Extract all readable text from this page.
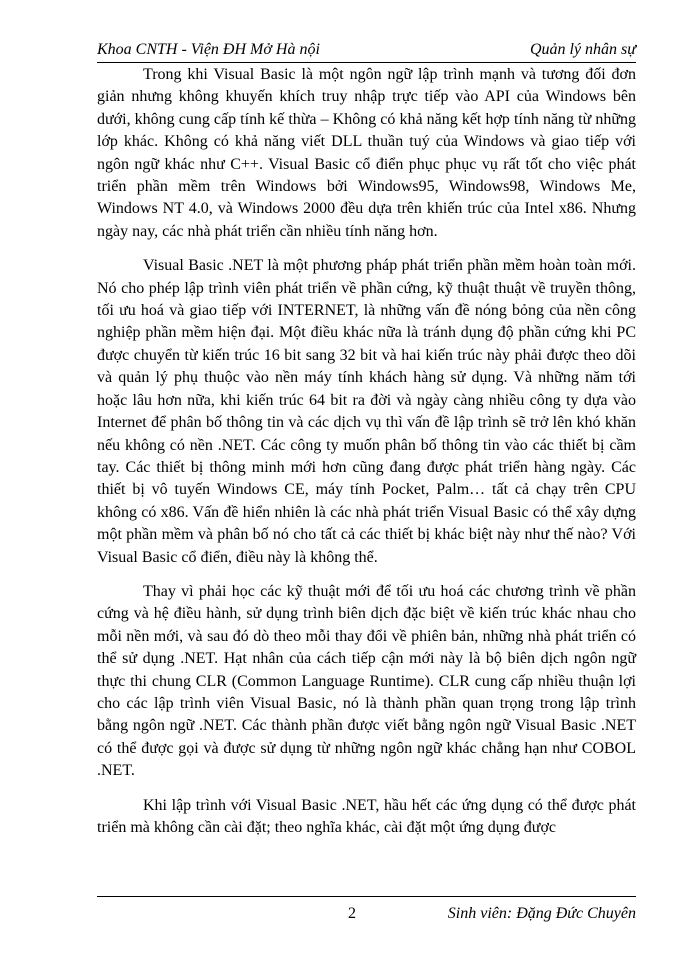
Khoa CNTH - Viện ĐH Mở Hà nội	Quản lý nhân sự

Trong khi Visual Basic là một ngôn ngữ lập trình mạnh và tương đối đơn giản nhưng không khuyến khích truy nhập trực tiếp vào API của Windows bên dưới, không cung cấp tính kế thừa – Không có khả năng kết hợp tính năng từ những lớp khác. Không có khả năng viết DLL thuần tuý của Windows và giao tiếp với ngôn ngữ khác như C++. Visual Basic cổ điển phục phục vụ rất tốt cho việc phát triển phần mềm trên Windows bởi Windows95, Windows98, Windows Me, Windows NT 4.0, và Windows 2000 đều dựa trên khiến trúc của Intel x86. Nhưng ngày nay, các nhà phát triển cần nhiều tính năng hơn.

Visual Basic .NET là một phương pháp phát triển phần mềm hoàn toàn mới. Nó cho phép lập trình viên phát triển về phần cứng, kỹ thuật thuật về truyền thông, tối ưu hoá và giao tiếp với INTERNET, là những vấn đề nóng bỏng của nền công nghiệp phần mềm hiện đại. Một điều khác nữa là tránh dụng độ phần cứng khi PC được chuyển từ kiến trúc 16 bit sang 32 bit và hai kiến trúc này phải được theo dõi và quản lý phụ thuộc vào nền máy tính khách hàng sử dụng. Và những năm tới hoặc lâu hơn nữa, khi kiến trúc 64 bit ra đời và ngày càng nhiều công ty dựa vào Internet để phân bố thông tin và các dịch vụ thì vấn đề lập trình sẽ trở lên khó khăn nếu không có nền .NET. Các công ty muốn phân bố thông tin vào các thiết bị cầm tay. Các thiết bị thông minh mới hơn cũng đang được phát triển hàng ngày. Các thiết bị vô tuyến Windows CE, máy tính Pocket, Palm… tất cả chạy trên CPU không có x86. Vấn đề hiển nhiên là các nhà phát triển Visual Basic có thể xây dựng một phần mềm và phân bố nó cho tất cả các thiết bị khác biệt này như thế nào? Với Visual Basic cổ điển, điều này là không thể.

Thay vì phải học các kỹ thuật mới để tối ưu hoá các chương trình về phần cứng và hệ điều hành, sử dụng trình biên dịch đặc biệt về kiến trúc khác nhau cho mỗi nền mới, và sau đó dò theo mỗi thay đổi về phiên bản, những nhà phát triển có thể sử dụng .NET. Hạt nhân của cách tiếp cận mới này là bộ biên dịch ngôn ngữ thực thi chung CLR (Common Language Runtime). CLR cung cấp nhiều thuận lợi cho các lập trình viên Visual Basic, nó là thành phần quan trọng trong lập trình bằng ngôn ngữ .NET. Các thành phần được viết bằng ngôn ngữ Visual Basic .NET có thể được gọi và được sử dụng từ những ngôn ngữ khác chẳng hạn như COBOL .NET.

Khi lập trình với Visual Basic .NET, hầu hết các ứng dụng có thể được phát triển mà không cần cài đặt; theo nghĩa khác, cài đặt một ứng dụng được

2	Sinh viên: Đặng Đức Chuyên
